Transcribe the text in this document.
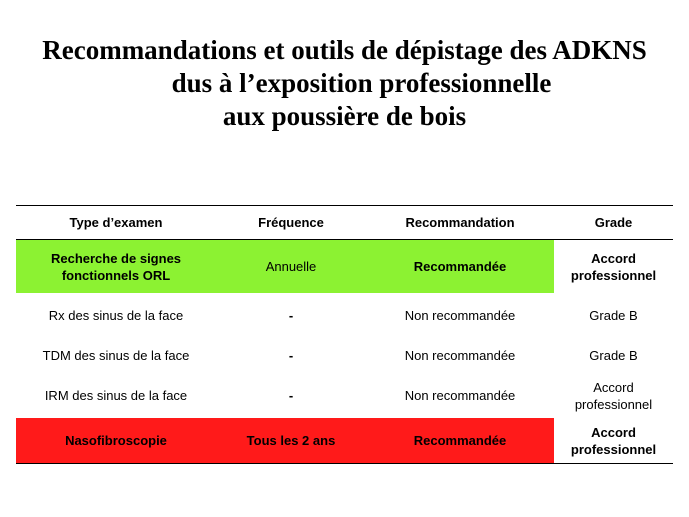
Recommandations et outils de dépistage des ADKNS
dus à l’exposition professionnelle
aux poussière de bois
Type d’examen	Fréquence	Recommandation	Grade
Recherche de signes fonctionnels ORL	Annuelle	Recommandée	Accord professionnel
Rx des sinus de la face	-	Non recommandée	Grade B
TDM des sinus de la face	-	Non recommandée	Grade B
IRM des sinus de la face	-	Non recommandée	Accord professionnel
Nasofibroscopie	Tous les 2 ans	Recommandée	Accord professionnel
